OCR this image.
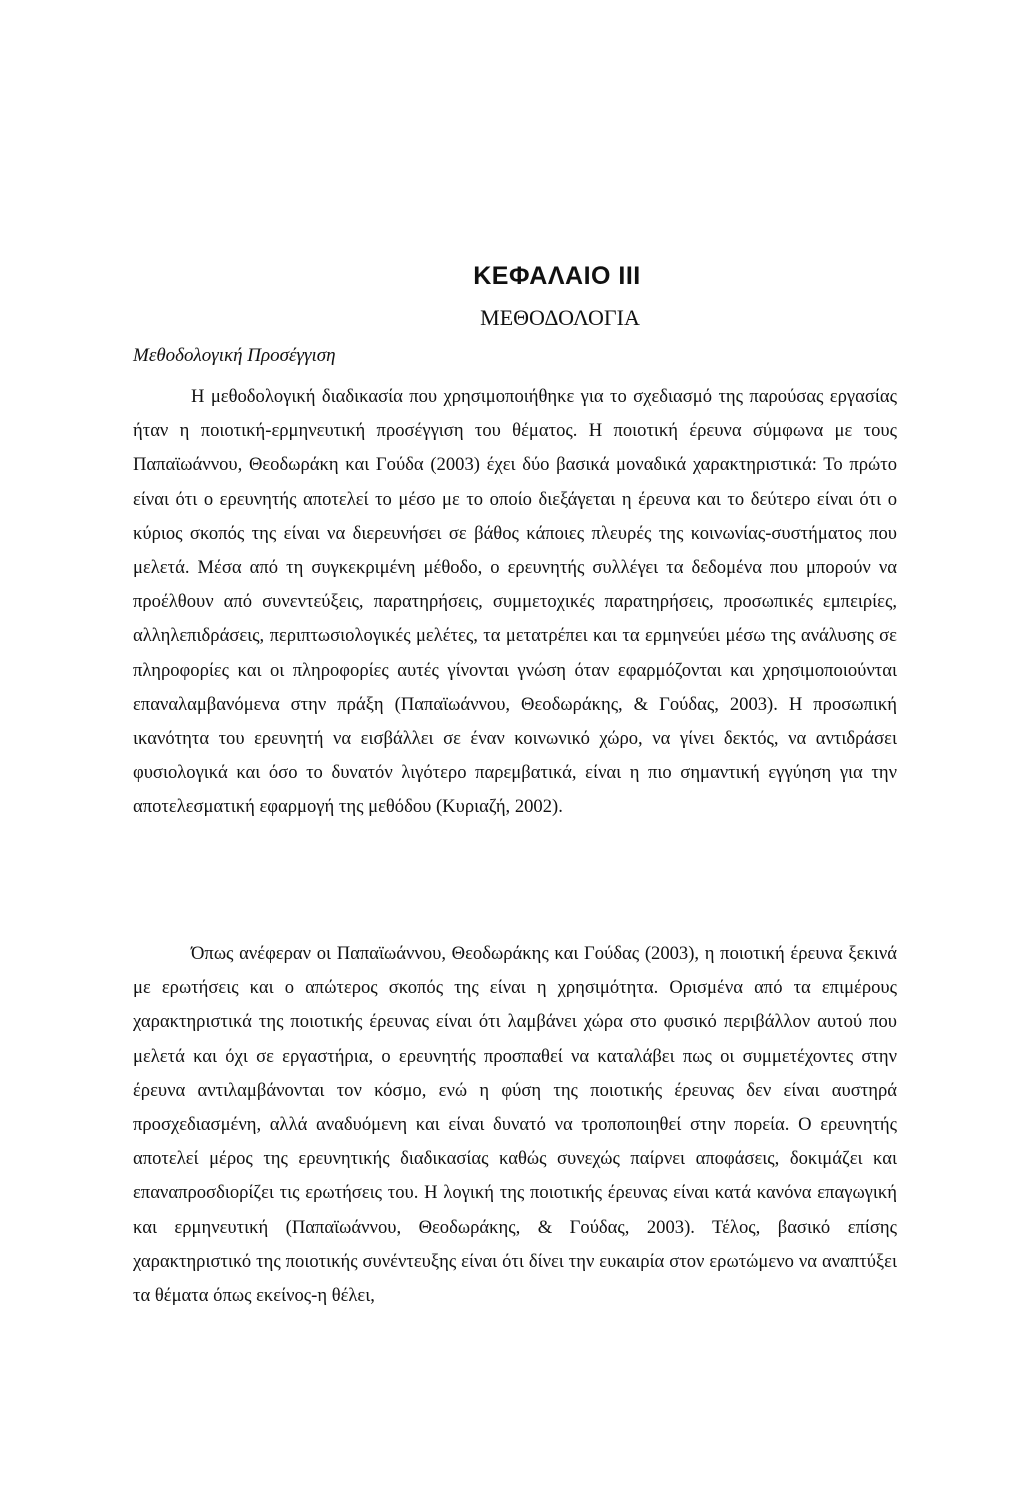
ΚΕΦΑΛΑΙΟ III
ΜΕΘΟΔΟΛΟΓΙΑ
Μεθοδολογική Προσέγγιση

Η μεθοδολογική διαδικασία που χρησιμοποιήθηκε για το σχεδιασμό της παρούσας εργασίας ήταν η ποιοτική-ερμηνευτική προσέγγιση του θέματος. Η ποιοτική έρευνα σύμφωνα με τους Παπαϊωάννου, Θεοδωράκη και Γούδα (2003) έχει δύο βασικά μοναδικά χαρακτηριστικά: Το πρώτο είναι ότι ο ερευνητής αποτελεί το μέσο με το οποίο διεξάγεται η έρευνα και το δεύτερο είναι ότι ο κύριος σκοπός της είναι να διερευνήσει σε βάθος κάποιες πλευρές της κοινωνίας-συστήματος που μελετά. Μέσα από τη συγκεκριμένη μέθοδο, ο ερευνητής συλλέγει τα δεδομένα που μπορούν να προέλθουν από συνεντεύξεις, παρατηρήσεις, συμμετοχικές παρατηρήσεις, προσωπικές εμπειρίες, αλληλεπιδράσεις, περιπτωσιολογικές μελέτες, τα μετατρέπει και τα ερμηνεύει μέσω της ανάλυσης σε πληροφορίες και οι πληροφορίες αυτές γίνονται γνώση όταν εφαρμόζονται και χρησιμοποιούνται επαναλαμβανόμενα στην πράξη (Παπαϊωάννου, Θεοδωράκης, & Γούδας, 2003). Η προσωπική ικανότητα του ερευνητή να εισβάλλει σε έναν κοινωνικό χώρο, να γίνει δεκτός, να αντιδράσει φυσιολογικά και όσο το δυνατόν λιγότερο παρεμβατικά, είναι η πιο σημαντική εγγύηση για την αποτελεσματική εφαρμογή της μεθόδου (Κυριαζή, 2002).

Όπως ανέφεραν οι Παπαϊωάννου, Θεοδωράκης και Γούδας (2003), η ποιοτική έρευνα ξεκινά με ερωτήσεις και ο απώτερος σκοπός της είναι η χρησιμότητα. Ορισμένα από τα επιμέρους χαρακτηριστικά της ποιοτικής έρευνας είναι ότι λαμβάνει χώρα στο φυσικό περιβάλλον αυτού που μελετά και όχι σε εργαστήρια, ο ερευνητής προσπαθεί να καταλάβει πως οι συμμετέχοντες στην έρευνα αντιλαμβάνονται τον κόσμο, ενώ η φύση της ποιοτικής έρευνας δεν είναι αυστηρά προσχεδιασμένη, αλλά αναδυόμενη και είναι δυνατό να τροποποιηθεί στην πορεία. Ο ερευνητής αποτελεί μέρος της ερευνητικής διαδικασίας καθώς συνεχώς παίρνει αποφάσεις, δοκιμάζει και επαναπροσδιορίζει τις ερωτήσεις του. Η λογική της ποιοτικής έρευνας είναι κατά κανόνα επαγωγική και ερμηνευτική (Παπαϊωάννου, Θεοδωράκης, & Γούδας, 2003). Τέλος, βασικό επίσης χαρακτηριστικό της ποιοτικής συνέντευξης είναι ότι δίνει την ευκαιρία στον ερωτώμενο να αναπτύξει τα θέματα όπως εκείνος-η θέλει,
